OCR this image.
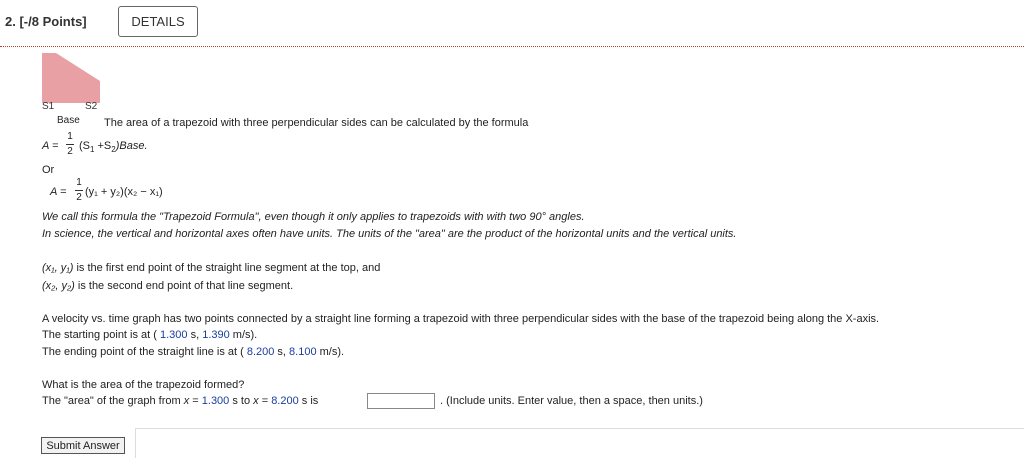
2. [-/8 Points]	DETAILS
S1	S2
Base The area of a trapezoid with three perpendicular sides can be calculated by the formula
A =
1
2 ($S_1$ $+S_2)Base$.
Or
A =
1
2 (y₁ + y₂)(x₂ − x₁)
We call this formula the "Trapezoid Formula", even though it only applies to trapezoids with with two 90° angles.
In science, the vertical and horizontal axes often have units. The units of the "area" are the product of the horizontal units and the vertical units.
(x₁, y₁) is the first end point of the straight line segment at the top, and
(x₂, y₂) is the second end point of that line segment.
A velocity vs. time graph has two points connected by a straight line forming a trapezoid with three perpendicular sides with the base of the trapezoid being along the X-axis.
The starting point is at ( 1.300 s, 1.390 m/s).
The ending point of the straight line is at ( 8.200 s, 8.100 m/s).
What is the area of the trapezoid formed?
The "area" of the graph from x = 1.300 s to x = 8.200 s is	. (Include units. Enter value, then a space, then units.)
Submit Answer
